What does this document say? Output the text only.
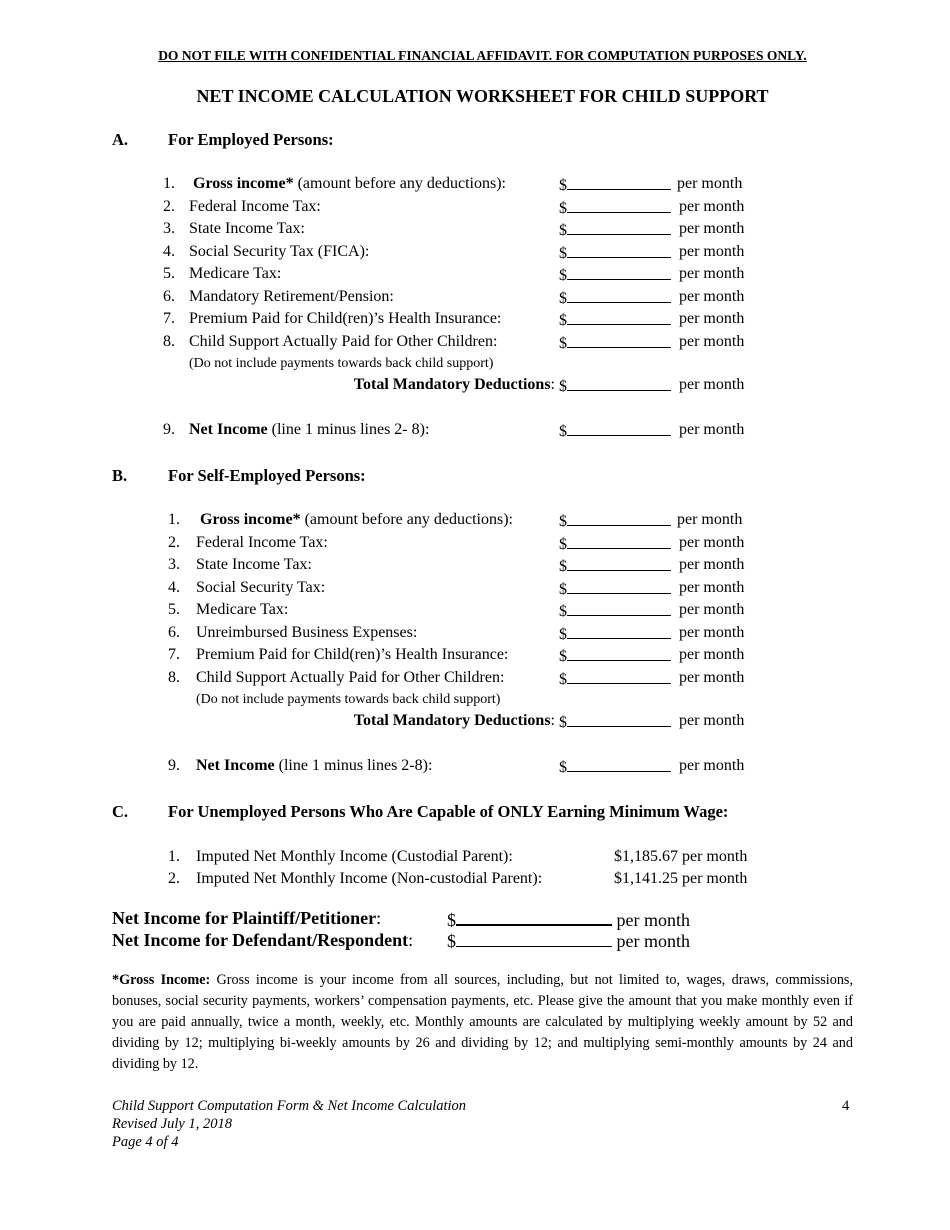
DO NOT FILE WITH CONFIDENTIAL FINANCIAL AFFIDAVIT. FOR COMPUTATION PURPOSES ONLY.
NET INCOME CALCULATION WORKSHEET FOR CHILD SUPPORT
A. For Employed Persons:
1. Gross income* (amount before any deductions):	$	per month
2. Federal Income Tax:	$	per month
3. State Income Tax:	$	per month
4. Social Security Tax (FICA):	$	per month
5. Medicare Tax:	$	per month
6. Mandatory Retirement/Pension:	$	per month
7. Premium Paid for Child(ren)’s Health Insurance:	$	per month
8. Child Support Actually Paid for Other Children:	$	per month
(Do not include payments towards back child support)
Total Mandatory Deductions: $	per month
9. Net Income (line 1 minus lines 2- 8):	$	per month
B. For Self-Employed Persons:
1. Gross income* (amount before any deductions):	$	per month
2. Federal Income Tax:	$	per month
3. State Income Tax:	$	per month
4. Social Security Tax:	$	per month
5. Medicare Tax:	$	per month
6. Unreimbursed Business Expenses:	$	per month
7. Premium Paid for Child(ren)’s Health Insurance:	$	per month
8. Child Support Actually Paid for Other Children:	$	per month
(Do not include payments towards back child support)
Total Mandatory Deductions: $	per month
9. Net Income (line 1 minus lines 2-8):	$	per month
C. For Unemployed Persons Who Are Capable of ONLY Earning Minimum Wage:
1. Imputed Net Monthly Income (Custodial Parent):	$1,185.67 per month
2. Imputed Net Monthly Income (Non-custodial Parent):	$1,141.25 per month
Net Income for Plaintiff/Petitioner:	$	per month
Net Income for Defendant/Respondent: $	per month
*Gross Income: Gross income is your income from all sources, including, but not limited to, wages, draws, commissions, bonuses, social security payments, workers’ compensation payments, etc. Please give the amount that you make monthly even if you are paid annually, twice a month, weekly, etc. Monthly amounts are calculated by multiplying weekly amount by 52 and dividing by 12; multiplying bi-weekly amounts by 26 and dividing by 12; and multiplying semi-monthly amounts by 24 and dividing by 12.
Child Support Computation Form & Net Income Calculation
Revised July 1, 2018
Page 4 of 4
4
